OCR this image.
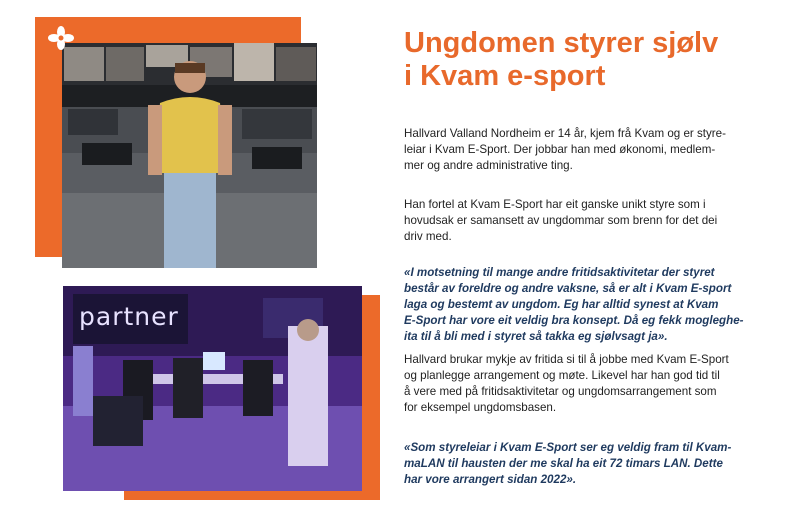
partner
Ungdomen styrer sjølv
i Kvam e-sport

Hallvard Valland Nordheim er 14 år, kjem frå Kvam og er styre-
leiar i Kvam E-Sport. Der jobbar han med økonomi, medlem-
mer og andre administrative ting.

Han fortel at Kvam E-Sport har eit ganske unikt styre som i
hovudsak er samansett av ungdommar som brenn for det dei
driv med.

«I motsetning til mange andre fritidsaktivitetar der styret
består av foreldre og andre vaksne, så er alt i Kvam E-sport
laga og bestemt av ungdom. Eg har alltid synest at Kvam
E-Sport har vore eit veldig bra konsept. Då eg fekk mogleghe-
ita til å bli med i styret så takka eg sjølvsagt ja».

Hallvard brukar mykje av fritida si til å jobbe med Kvam E-Sport
og planlegge arrangement og møte. Likevel har han god tid til
å vere med på fritidsaktivitetar og ungdomsarrangement som
for eksempel ungdomsbasen.

«Som styreleiar i Kvam E-Sport ser eg veldig fram til Kvam-
maLAN til hausten der me skal ha eit 72 timars LAN. Dette
har vore arrangert sidan 2022».
